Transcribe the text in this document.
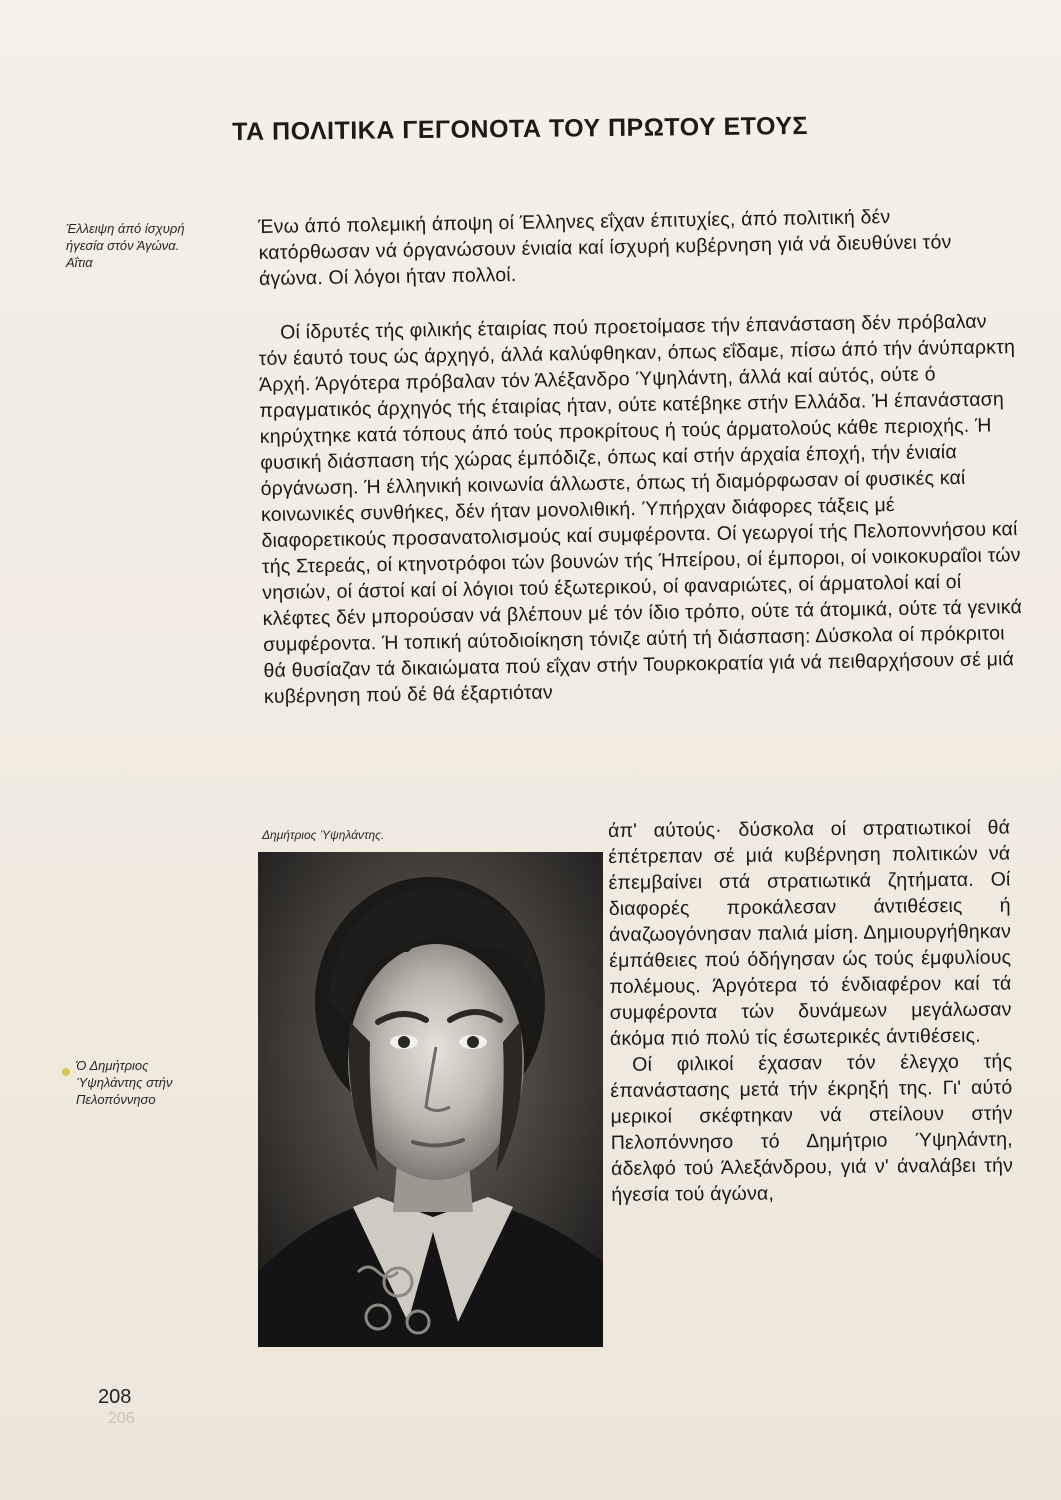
ΤΑ ΠΟΛΙΤΙΚΑ ΓΕΓΟΝΟΤΑ ΤΟΥ ΠΡΩΤΟΥ ΕΤΟΥΣ
Έλλειψη άπό ίσχυρή
ήγεσία στόν Άγώνα.
Αΐτια

Ένω άπό πολεμική άποψη οί Έλληνες εΐχαν έπιτυχίες, άπό πολιτική δέν κατόρθωσαν νά όργανώσουν ένιαία καί ίσχυρή κυβέρνηση γιά νά διευθύνει τόν άγώνα. Οί λόγοι ήταν πολλοί.

Οί ίδρυτές τής φιλικής έταιρίας πού προετοίμασε τήν έπανάσταση δέν πρόβαλαν τόν έαυτό τους ώς άρχηγό, άλλά καλύφθηκαν, όπως εΐδαμε, πίσω άπό τήν άνύπαρκτη Άρχή. Άργότερα πρόβαλαν τόν Άλέξανδρο Ύψηλάντη, άλλά καί αύτός, ούτε ό πραγματικός άρχηγός τής έταιρίας ήταν, ούτε κατέβηκε στήν Ελλάδα. Ή έπανάσταση κηρύχτηκε κατά τόπους άπό τούς προκρίτους ή τούς άρματολούς κάθε περιοχής. Ή φυσική διάσπαση τής χώρας έμπόδιζε, όπως καί στήν άρχαία έποχή, τήν ένιαία όργάνωση. Ή έλληνική κοινωνία άλλωστε, όπως τή διαμόρφωσαν οί φυσικές καί κοινωνικές συνθήκες, δέν ήταν μονολιθική. Ύπήρχαν διάφορες τάξεις μέ διαφορετικούς προσανατολισμούς καί συμφέροντα. Οί γεωργοί τής Πελοποννήσου καί τής Στερεάς, οί κτηνοτρόφοι τών βουνών τής Ήπείρου, οί έμποροι, οί νοικοκυραΐοι τών νησιών, οί άστοί καί οί λόγιοι τού έξωτερικού, οί φαναριώτες, οί άρματολοί καί οί κλέφτες δέν μπορούσαν νά βλέπουν μέ τόν ίδιο τρόπο, ούτε τά άτομικά, ούτε τά γενικά συμφέροντα. Ή τοπική αύτοδιοίκηση τόνιζε αύτή τή διάσπαση: Δύσκολα οί πρόκριτοι θά θυσίαζαν τά δικαιώματα πού εΐχαν στήν Τουρκοκρατία γιά νά πειθαρχήσουν σέ μιά κυβέρνηση πού δέ θά έξαρτιόταν

Δημήτριος Ύψηλάντης.	άπ' αύτούς· δύσκολα οί στρατιωτικοί θά έπέτρεπαν σέ μιά κυβέρνηση πολιτικών νά έπεμβαίνει στά στρατιωτικά ζητήματα. Οί διαφορές προκάλεσαν άντιθέσεις ή άναζωογόνησαν παλιά μίση. Δημιουργήθηκαν έμπάθειες πού όδήγησαν ώς τούς έμφυλίους πολέμους. Άργότερα τό ένδιαφέρον καί τά συμφέροντα τών δυνάμεων μεγάλωσαν άκόμα πιό πολύ τίς έσωτερικές άντιθέσεις.

Οί φιλικοί έχασαν τόν έλεγχο τής έπανάστασης μετά τήν έκρηξή της. Γι' αύτό μερικοί σκέφτηκαν νά στείλουν στήν Πελοπόννησο τό Δημήτριο Ύψηλάντη, άδελφό τού Άλεξάνδρου, γιά ν' άναλάβει τήν ήγεσία τού άγώνα,

Ό Δημήτριος
Ύψηλάντης στήν
Πελοπόννησο
208
206
